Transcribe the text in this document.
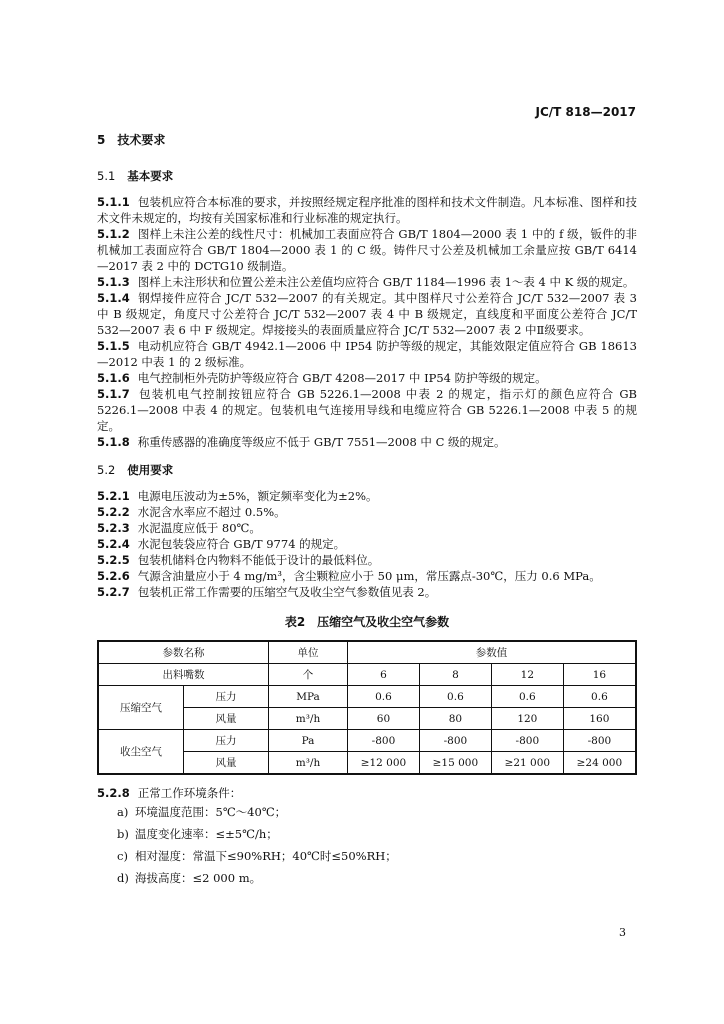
JC/T 818—2017
5　 技术要求
5.1 基本要求

5.1.1 包装机应符合本标准的要求，并按照经规定程序批准的图样和技术文件制造。凡本标准、图样和技术文件未规定的，均按有关国家标准和行业标准的规定执行。

5.1.2 图样上未注公差的线性尺寸：机械加工表面应符合 GB/T 1804—2000 表 1 中的 f 级，钣件的非机械加工表面应符合 GB/T 1804—2000 表 1 的 C 级。铸件尺寸公差及机械加工余量应按 GB/T 6414—2017 表 2 中的 DCTG10 级制造。

5.1.3 图样上未注形状和位置公差未注公差值均应符合 GB/T 1184—1996 表 1～表 4 中 K 级的规定。

5.1.4 钢焊接件应符合 JC/T 532—2007 的有关规定。其中图样尺寸公差符合 JC/T 532—2007 表 3 中 B 级规定，角度尺寸公差符合 JC/T 532—2007 表 4 中 B 级规定，直线度和平面度公差符合 JC/T 532—2007 表 6 中 F 级规定。焊接接头的表面质量应符合 JC/T 532—2007 表 2 中Ⅱ级要求。

5.1.5 电动机应符合 GB/T 4942.1—2006 中 IP54 防护等级的规定，其能效限定值应符合 GB 18613—2012 中表 1 的 2 级标准。

5.1.6 电气控制柜外壳防护等级应符合 GB/T 4208—2017 中 IP54 防护等级的规定。

5.1.7 包装机电气控制按钮应符合 GB 5226.1—2008 中表 2 的规定，指示灯的颜色应符合 GB 5226.1—2008 中表 4 的规定。包装机电气连接用导线和电缆应符合 GB 5226.1—2008 中表 5 的规定。

5.1.8 称重传感器的准确度等级应不低于 GB/T 7551—2008 中 C 级的规定。

5.2 使用要求

5.2.1 电源电压波动为±5%，额定频率变化为±2%。

5.2.2 水泥含水率应不超过 0.5%。

5.2.3 水泥温度应低于 80℃。

5.2.4 水泥包装袋应符合 GB/T 9774 的规定。

5.2.5 包装机储料仓内物料不能低于设计的最低料位。

5.2.6 气源含油量应小于 4 mg/m³，含尘颗粒应小于 50 μm，常压露点-30℃，压力 0.6 MPa。

5.2.7 包装机正常工作需要的压缩空气及收尘空气参数值见表 2。

表2　压缩空气及收尘空气参数
参数名称		单位	参数值			
出料嘴数		个	6	8	12	16
压缩空气	压力	MPa	0.6	0.6	0.6	0.6
	风量	m³/h	60	80	120	160
收尘空气	压力	Pa	-800	-800	-800	-800
	风量	m³/h	≥12 000	≥15 000	≥21 000	≥24 000

5.2.8 正常工作环境条件：

a) 环境温度范围：5℃～40℃；
b) 温度变化速率：≤±5℃/h；
c) 相对湿度：常温下≤90%RH；40℃时≤50%RH；
d) 海拔高度：≤2 000 m。
3
